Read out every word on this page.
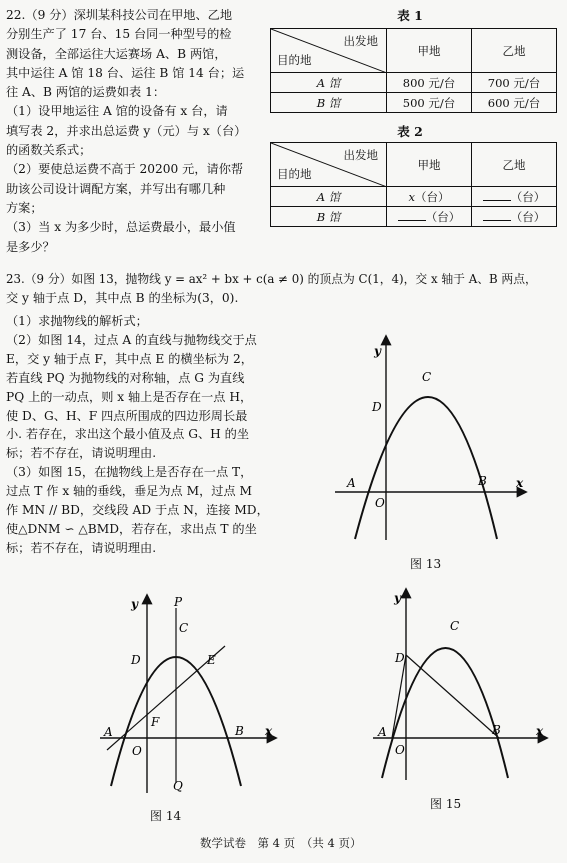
22.（9 分）深圳某科技公司在甲地、乙地
分别生产了 17 台、15 台同一种型号的检
测设备，全部运往大运赛场 A、B 两馆，
其中运往 A 馆 18 台、运往 B 馆 14 台；运
往 A、B 两馆的运费如表 1：
（1）设甲地运往 A 馆的设备有 x 台，请
填写表 2，并求出总运费 y（元）与 x（台）
的函数关系式；
（2）要使总运费不高于 20200 元，请你帮
助该公司设计调配方案，并写出有哪几种
方案；
（3）当 x 为多少时，总运费最小，最小值
是多少？
表 1
出发地
目的地	甲地	乙地
A 馆	800 元/台	700 元/台
B 馆	500 元/台	600 元/台
表 2
出发地
目的地	甲地	乙地
A 馆	x（台）	（台）
B 馆	（台）	（台）
23.（9 分）如图 13，抛物线 y = ax² + bx + c(a ≠ 0) 的顶点为 C(1，4)，交 x 轴于 A、B 两点，
交 y 轴于点 D，其中点 B 的坐标为(3，0).
（1）求抛物线的解析式；
（2）如图 14，过点 A 的直线与抛物线交于点
E，交 y 轴于点 F，其中点 E 的横坐标为 2，
若直线 PQ 为抛物线的对称轴，点 G 为直线
PQ 上的一动点，则 x 轴上是否存在一点 H，
使 D、G、H、F 四点所围成的四边形周长最
小. 若存在，求出这个最小值及点 G、H 的坐
标；若不存在，请说明理由.
（3）如图 15，在抛物线上是否存在一点 T，
过点 T 作 x 轴的垂线，垂足为点 M，过点 M
作 MN // BD，交线段 AD 于点 N，连接 MD，
使△DNM ∽ △BMD，若存在，求出点 T 的坐
标；若不存在，请说明理由.
y
x
C
D
A	B
O
图 13
y
x
P
C
D	E
F
A
O
B
Q
图 14
y
x
C
D
A
O
B
图 15
数学试卷　第 4 页　（共 4 页）
